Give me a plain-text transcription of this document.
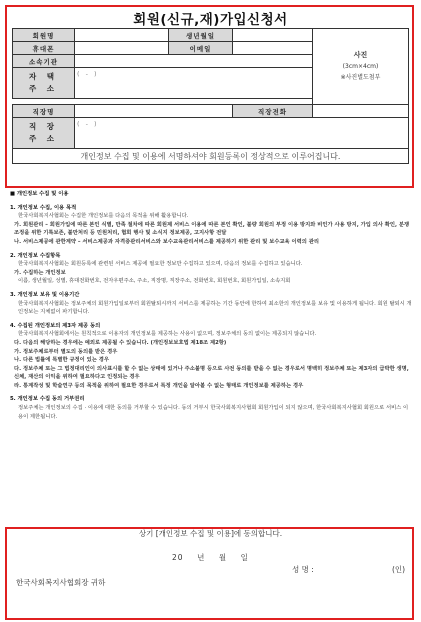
회원(신규,재)가입신청서
회원명		생년월일		사진
(3cm×4cm)
※사진별도첨부

휴대폰		이메일		
소속기관				
자 택
주 소	( - )			

직장명			직장전화	
직 장
주 소	( - )			
개인정보 수집 및 이용에 서명하셔야 회원등록이 정상적으로 이루어집니다.				

■ 개인정보 수집 및 이용

1. 개인정보 수집, 이용 목적

한국사회복지사협회는 수집한 개인정보를 다음의 목적을 위해 활용합니다.

가. 회원관리 – 회원가입에 따른 본인 식별, 만족 절차에 따른 회원제 서비스 이용에 따른 본인 확인, 불량 회원의 부정 이용 방지와 비인가 사용 방지, 가입 의사 확인, 분쟁 조정을 위한 기록보존, 불만처리 등 민원처리, 협회 행사 및 소식지 정보제공, 고지사항 전달

나. 서비스제공에 관한계약 – 서비스제공과 자격증관리서비스와 보수교육관리서비스를 제공하기 위한 관리 및 보수교육 이력의 관리

2. 개인정보 수집항목

한국사회복지사협회는 회원등록에 관련된 서비스 제공에 필요한 정보만 수집하고 있으며, 다음의 정보를 수집하고 있습니다.

가. 수집하는 개인정보

이름, 생년월일, 성별, 휴대전화번호, 전자우편주소, 주소, 직장명, 직장주소, 전화번호, 회원번호, 회원가입일, 소속지회

3. 개인정보 보유 및 이용기간

한국사회복지사협회는 정보주체의 회원가입일로부터 회원탈퇴시까지 서비스를 제공하는 기간 동안에 한하여 최소한의 개인정보를 보유 및 이용하게 됩니다. 회원 탈퇴시 개인정보는 지체없이 파기합니다.

4. 수집된 개인정보의 제3자 제공 동의

한국사회복지사협회에서는 원칙적으로 이용자의 개인정보를 제공하는 사용이 없으며, 정보주체의 동의 없이는 제공되지 않습니다.

다. 다음의 해당하는 경우에는 예외로 제공될 수 있습니다. (개인정보보호법 제18조 제2항)

가. 정보주체로부터 별도의 동의를 받은 경우

나. 다른 법률에 특별한 규정이 있는 경우

다. 정보주체 또는 그 법정대리인이 의사표시를 할 수 없는 상태에 있거나 주소불명 등으로 사전 동의를 받을 수 없는 경우로서 명백히 정보주체 또는 제3자의 급박한 생명, 신체, 재산의 이익을 위하여 필요하다고 인정되는 경우

라. 통계작성 및 학술연구 등의 목적을 위하여 필요한 경우로서 특정 개인을 알아볼 수 없는 형태로 개인정보를 제공하는 경우

5. 개인정보 수집 동의 거부권리

정보주체는 개인정보의 수집 · 이용에 대한 동의를 거부할 수 있습니다. 동의 거부시 한국사회복지사협회 회원가입이 되지 않으며, 한국사회복지사협회 회원으로 서비스 이용이 제한됩니다.

상기 [개인정보 수집 및 이용]에 동의합니다.
20    년    월    일
성 명 :	(인)
한국사회복지사협회장 귀하
